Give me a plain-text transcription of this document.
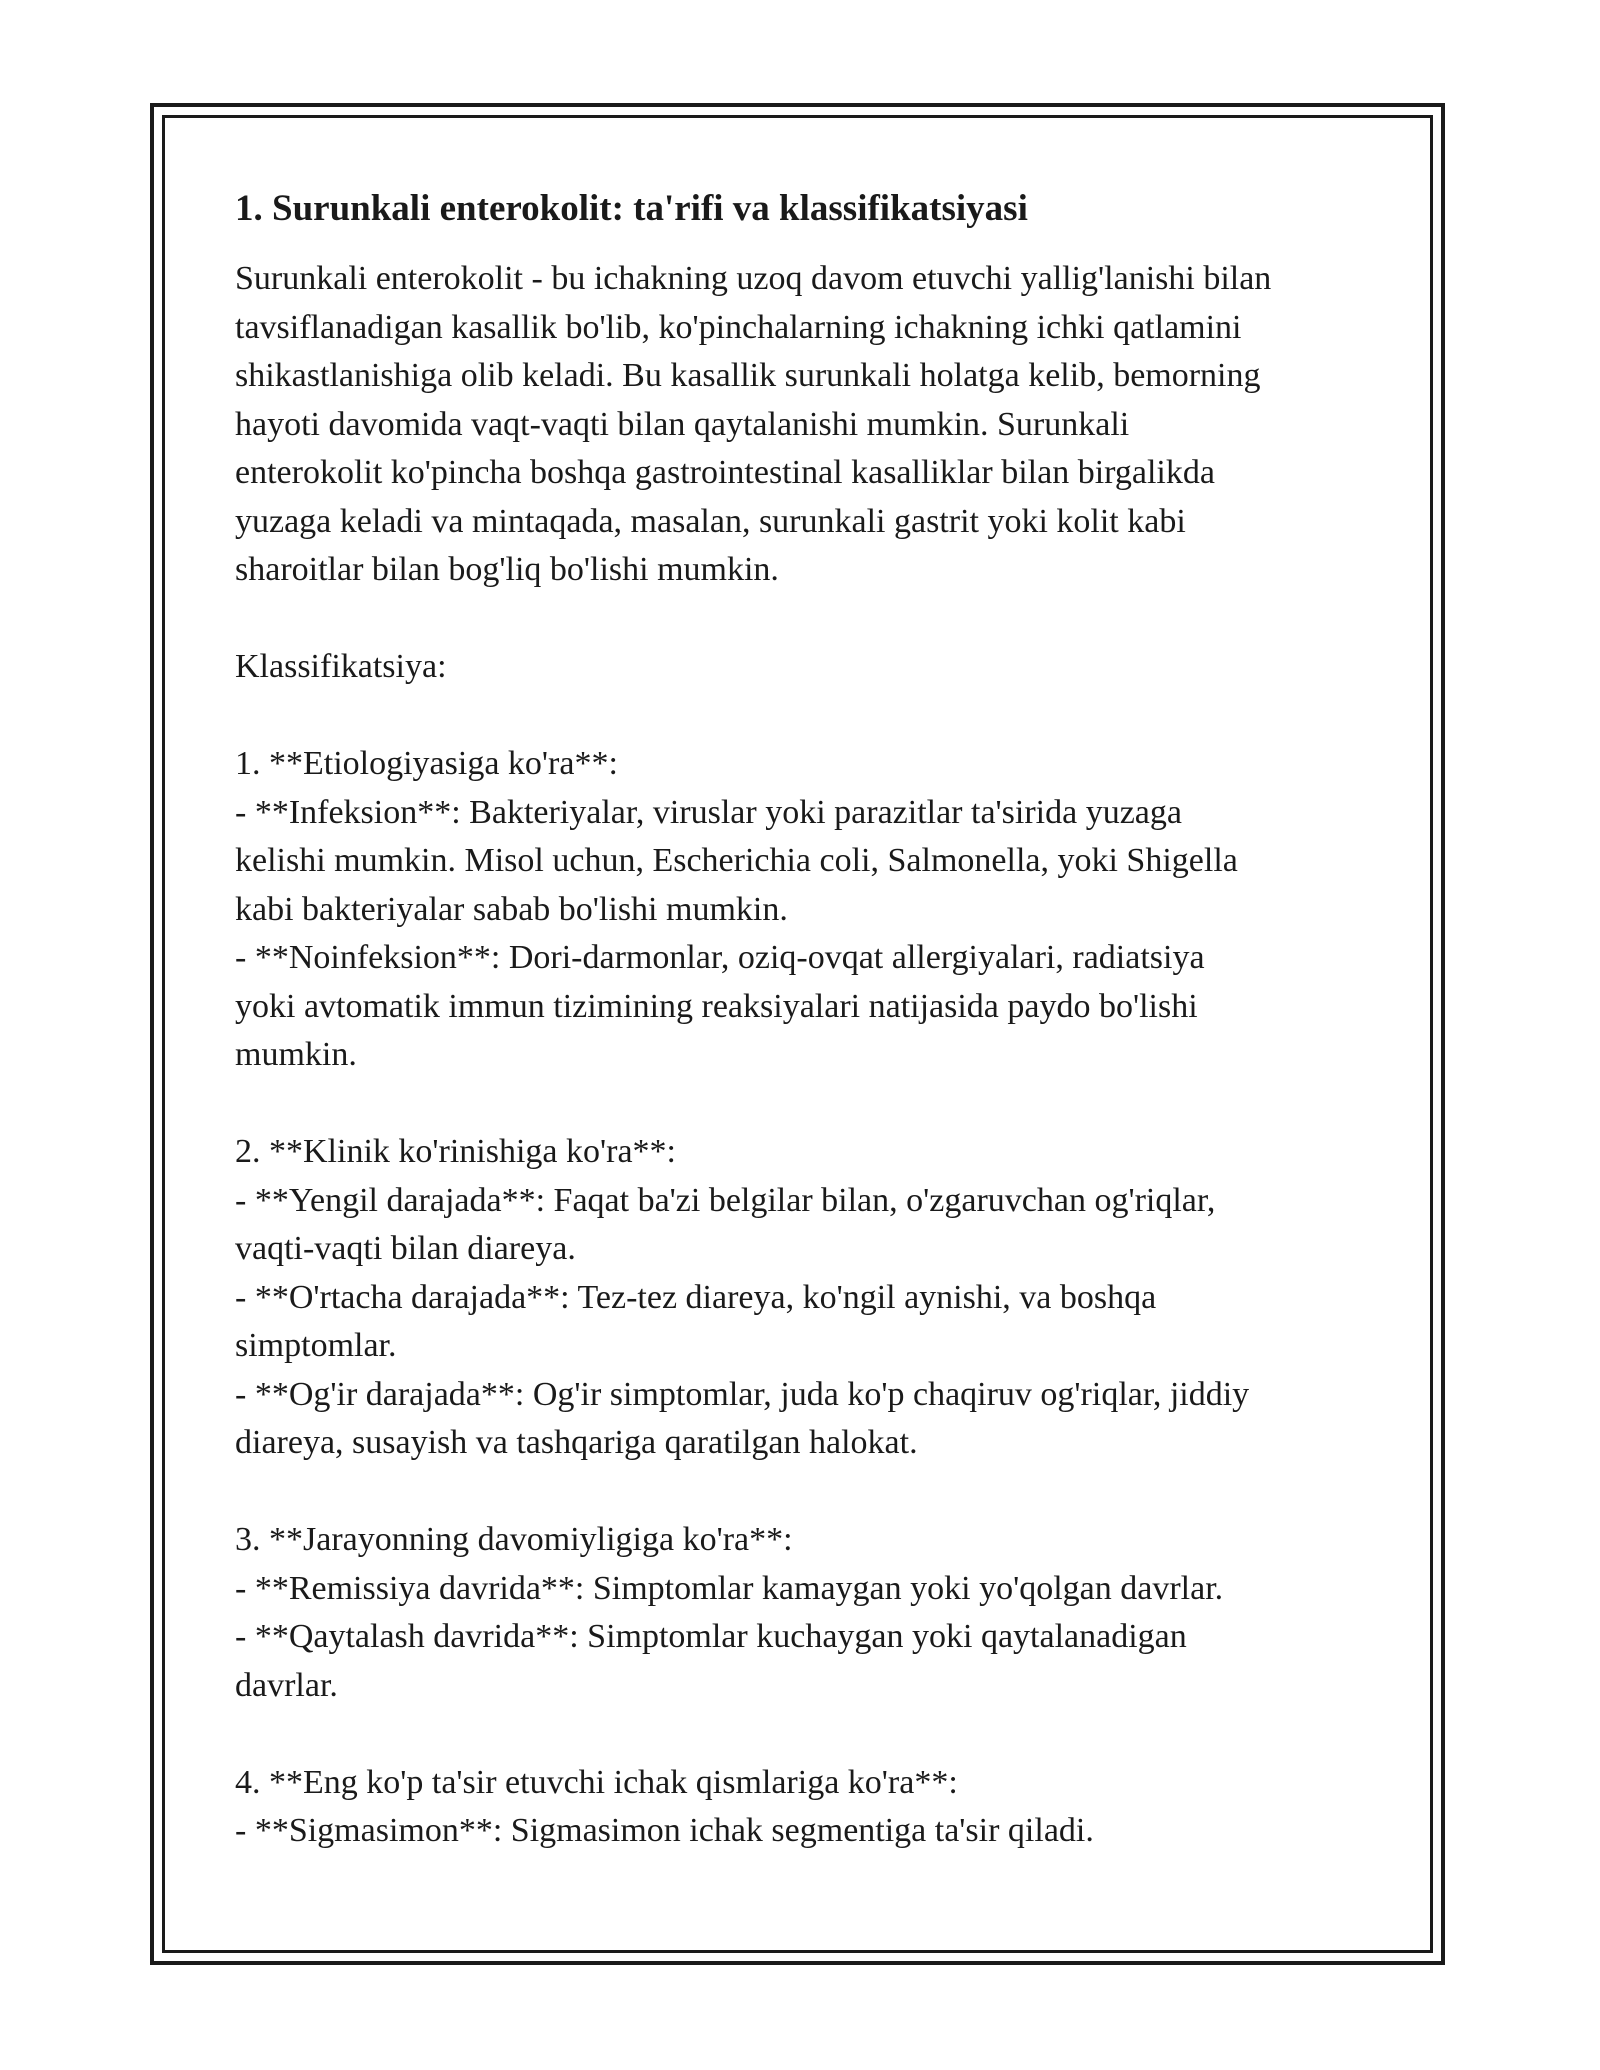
1. Surunkali enterokolit: ta'rifi va klassifikatsiyasi

Surunkali enterokolit - bu ichakning uzoq davom etuvchi yallig'lanishi bilan
tavsiflanadigan kasallik bo'lib, ko'pinchalarning ichakning ichki qatlamini
shikastlanishiga olib keladi. Bu kasallik surunkali holatga kelib, bemorning
hayoti davomida vaqt-vaqti bilan qaytalanishi mumkin. Surunkali
enterokolit ko'pincha boshqa gastrointestinal kasalliklar bilan birgalikda
yuzaga keladi va mintaqada, masalan, surunkali gastrit yoki kolit kabi
sharoitlar bilan bog'liq bo'lishi mumkin.

Klassifikatsiya:

1. **Etiologiyasiga ko'ra**:

- **Infeksion**: Bakteriyalar, viruslar yoki parazitlar ta'sirida yuzaga
kelishi mumkin. Misol uchun, Escherichia coli, Salmonella, yoki Shigella
kabi bakteriyalar sabab bo'lishi mumkin.

- **Noinfeksion**: Dori-darmonlar, oziq-ovqat allergiyalari, radiatsiya
yoki avtomatik immun tizimining reaksiyalari natijasida paydo bo'lishi
mumkin.

2. **Klinik ko'rinishiga ko'ra**:

- **Yengil darajada**: Faqat ba'zi belgilar bilan, o'zgaruvchan og'riqlar,
vaqti-vaqti bilan diareya.

- **O'rtacha darajada**: Tez-tez diareya, ko'ngil aynishi, va boshqa
simptomlar.

- **Og'ir darajada**: Og'ir simptomlar, juda ko'p chaqiruv og'riqlar, jiddiy
diareya, susayish va tashqariga qaratilgan halokat.

3. **Jarayonning davomiyligiga ko'ra**:

- **Remissiya davrida**: Simptomlar kamaygan yoki yo'qolgan davrlar.

- **Qaytalash davrida**: Simptomlar kuchaygan yoki qaytalanadigan
davrlar.

4. **Eng ko'p ta'sir etuvchi ichak qismlariga ko'ra**:

- **Sigmasimon**: Sigmasimon ichak segmentiga ta'sir qiladi.
